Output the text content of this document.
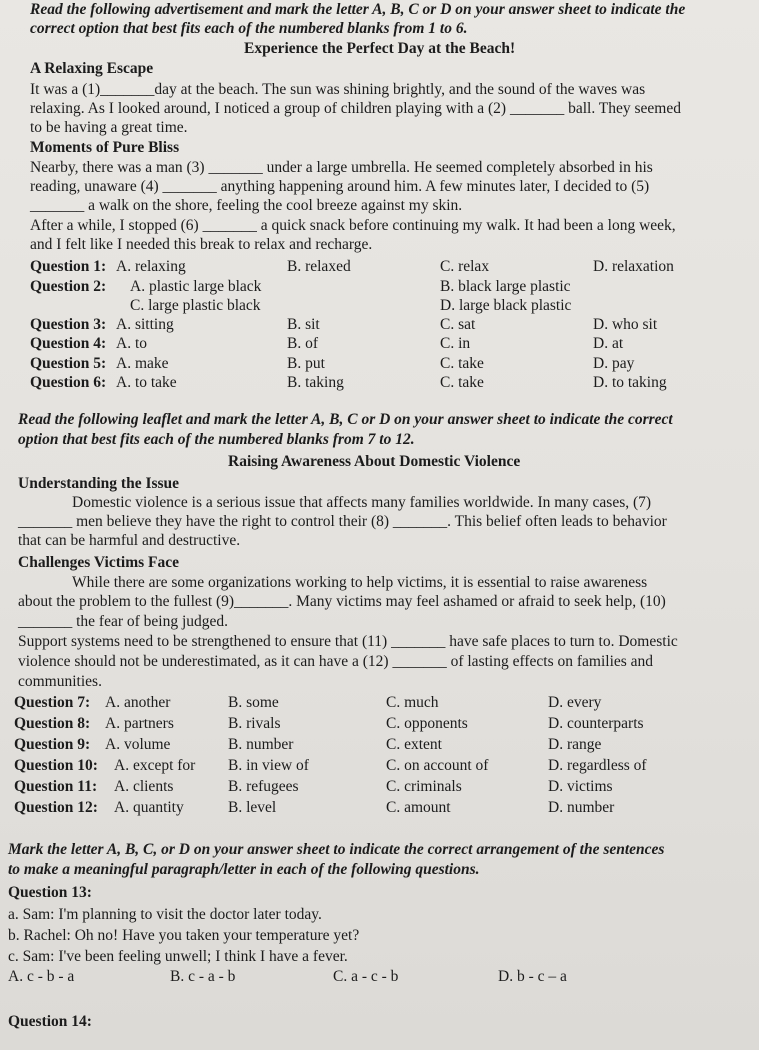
Read the following advertisement and mark the letter A, B, C or D on your answer sheet to indicate the
correct option that best fits each of the numbered blanks from 1 to 6.
Experience the Perfect Day at the Beach!
A Relaxing Escape
It was a (1)_______day at the beach. The sun was shining brightly, and the sound of the waves was
relaxing. As I looked around, I noticed a group of children playing with a (2) _______ ball. They seemed
to be having a great time.
Moments of Pure Bliss
Nearby, there was a man (3) _______ under a large umbrella. He seemed completely absorbed in his
reading, unaware (4) _______ anything happening around him. A few minutes later, I decided to (5)
_______ a walk on the shore, feeling the cool breeze against my skin.
After a while, I stopped (6) _______ a quick snack before continuing my walk. It had been a long week,
and I felt like I needed this break to relax and recharge.
Question 1: A. relaxing	B. relaxed	C. relax	D. relaxation
Question 2: A. plastic large black	B. black large plastic
C. large plastic black	D. large black plastic
Question 3: A. sitting	B. sit	C. sat	D. who sit
Question 4: A. to	B. of	C. in	D. at
Question 5: A. make	B. put	C. take	D. pay
Question 6: A. to take	B. taking	C. take	D. to taking
Read the following leaflet and mark the letter A, B, C or D on your answer sheet to indicate the correct
option that best fits each of the numbered blanks from 7 to 12.
Raising Awareness About Domestic Violence
Understanding the Issue
Domestic violence is a serious issue that affects many families worldwide. In many cases, (7)
_______ men believe they have the right to control their (8) _______. This belief often leads to behavior
that can be harmful and destructive.
Challenges Victims Face
While there are some organizations working to help victims, it is essential to raise awareness
about the problem to the fullest (9)_______. Many victims may feel ashamed or afraid to seek help, (10)
_______ the fear of being judged.
Support systems need to be strengthened to ensure that (11) _______ have safe places to turn to. Domestic
violence should not be underestimated, as it can have a (12) _______ of lasting effects on families and
communities.
Question 7: A. another	B. some	C. much	D. every
Question 8: A. partners	B. rivals	C. opponents	D. counterparts
Question 9: A. volume	B. number	C. extent	D. range
Question 10: A. except for B. in view of	C. on account of	D. regardless of
Question 11: A. clients	B. refugees	C. criminals	D. victims
Question 12: A. quantity	B. level	C. amount	D. number
Mark the letter A, B, C, or D on your answer sheet to indicate the correct arrangement of the sentences
to make a meaningful paragraph/letter in each of the following questions.
Question 13:
a. Sam: I'm planning to visit the doctor later today.
b. Rachel: Oh no! Have you taken your temperature yet?
c. Sam: I've been feeling unwell; I think I have a fever.
A. c - b - a	B. c - a - b	C. a - c - b	D. b - c – a
Question 14:
